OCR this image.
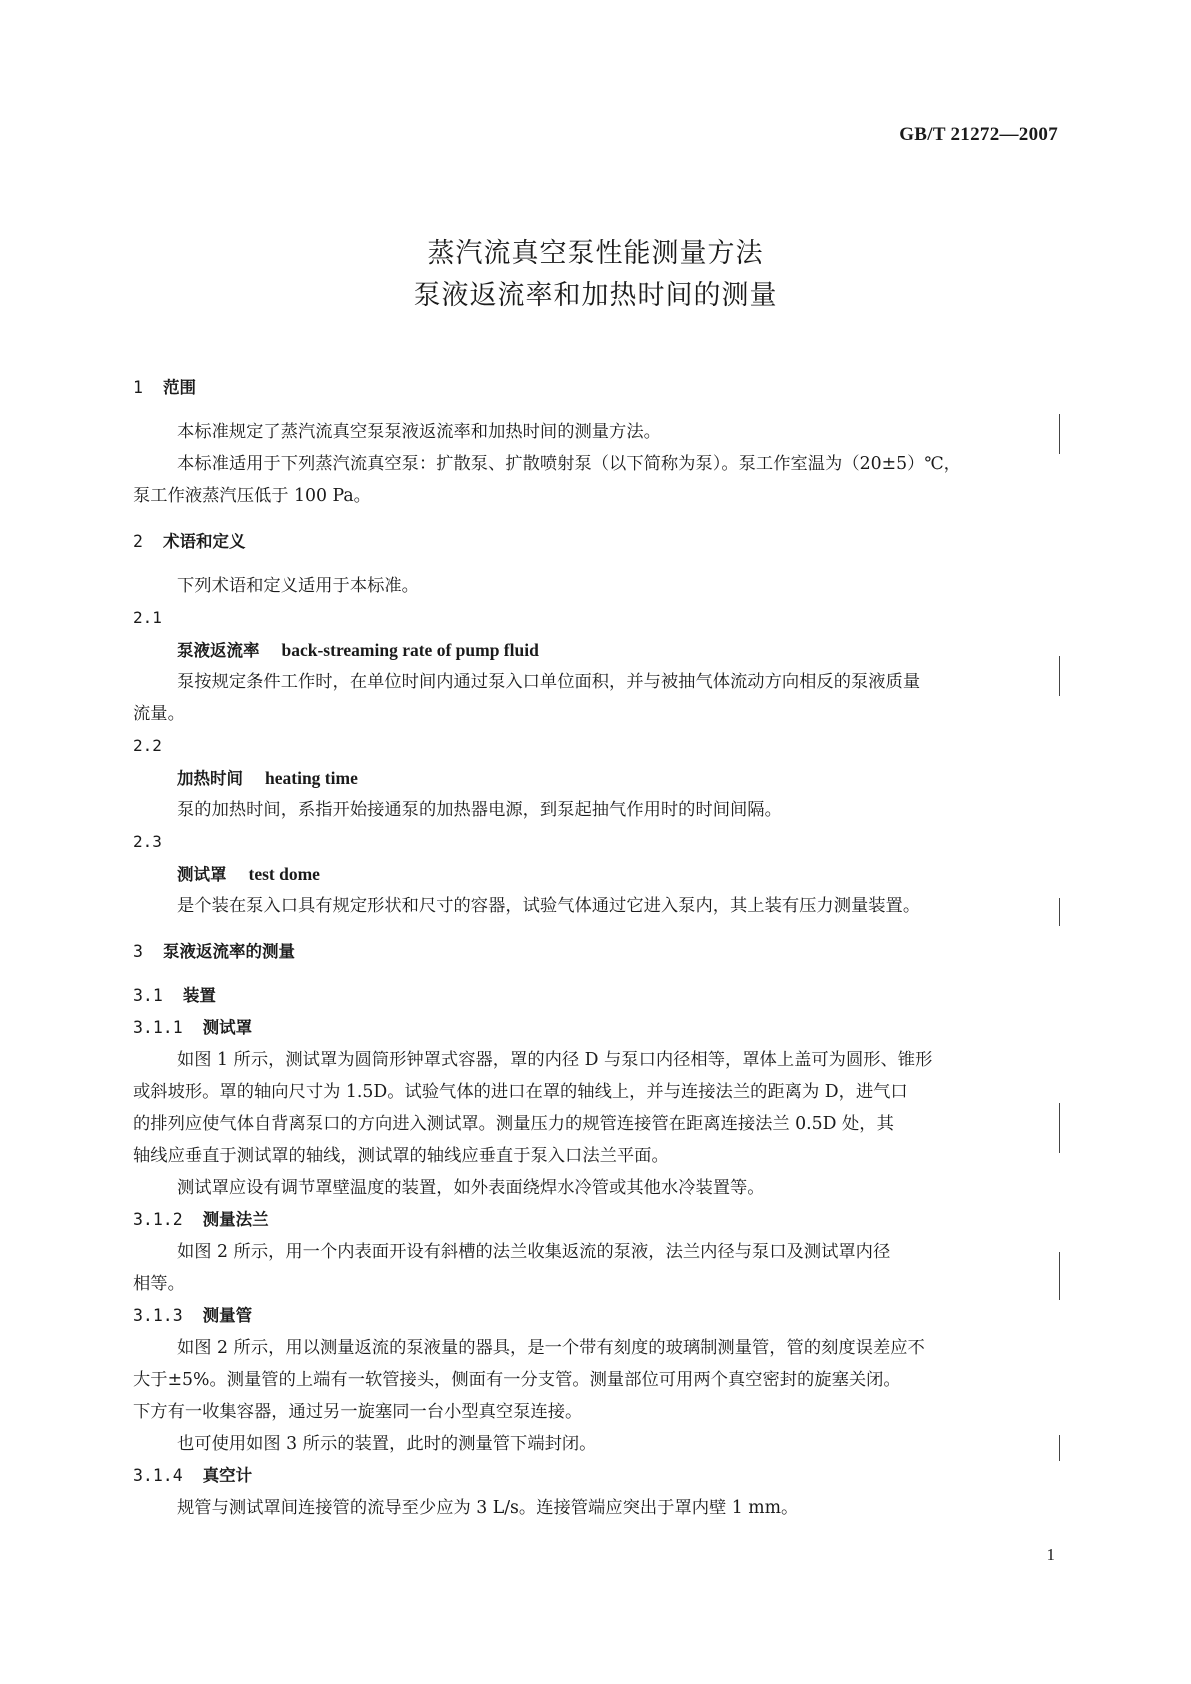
GB/T 21272—2007
蒸汽流真空泵性能测量方法
泵液返流率和加热时间的测量
1 范围
本标准规定了蒸汽流真空泵泵液返流率和加热时间的测量方法。
本标准适用于下列蒸汽流真空泵：扩散泵、扩散喷射泵（以下简称为泵）。泵工作室温为（20±5）℃，
泵工作液蒸汽压低于 100 Pa。
2 术语和定义
下列术语和定义适用于本标准。
2.1
泵液返流率 back-streaming rate of pump fluid
泵按规定条件工作时，在单位时间内通过泵入口单位面积，并与被抽气体流动方向相反的泵液质量
流量。
2.2
加热时间 heating time
泵的加热时间，系指开始接通泵的加热器电源，到泵起抽气作用时的时间间隔。
2.3
测试罩 test dome
是个装在泵入口具有规定形状和尺寸的容器，试验气体通过它进入泵内，其上装有压力测量装置。
3 泵液返流率的测量
3.1 装置
3.1.1 测试罩
如图 1 所示，测试罩为圆筒形钟罩式容器，罩的内径 D 与泵口内径相等，罩体上盖可为圆形、锥形
或斜坡形。罩的轴向尺寸为 1.5D。试验气体的进口在罩的轴线上，并与连接法兰的距离为 D，进气口
的排列应使气体自背离泵口的方向进入测试罩。测量压力的规管连接管在距离连接法兰 0.5D 处，其
轴线应垂直于测试罩的轴线，测试罩的轴线应垂直于泵入口法兰平面。
测试罩应设有调节罩壁温度的装置，如外表面绕焊水冷管或其他水冷装置等。
3.1.2 测量法兰
如图 2 所示，用一个内表面开设有斜槽的法兰收集返流的泵液，法兰内径与泵口及测试罩内径
相等。
3.1.3 测量管
如图 2 所示，用以测量返流的泵液量的器具，是一个带有刻度的玻璃制测量管，管的刻度误差应不
大于±5%。测量管的上端有一软管接头，侧面有一分支管。测量部位可用两个真空密封的旋塞关闭。
下方有一收集容器，通过另一旋塞同一台小型真空泵连接。
也可使用如图 3 所示的装置，此时的测量管下端封闭。
3.1.4 真空计
规管与测试罩间连接管的流导至少应为 3 L/s。连接管端应突出于罩内壁 1 mm。
1
